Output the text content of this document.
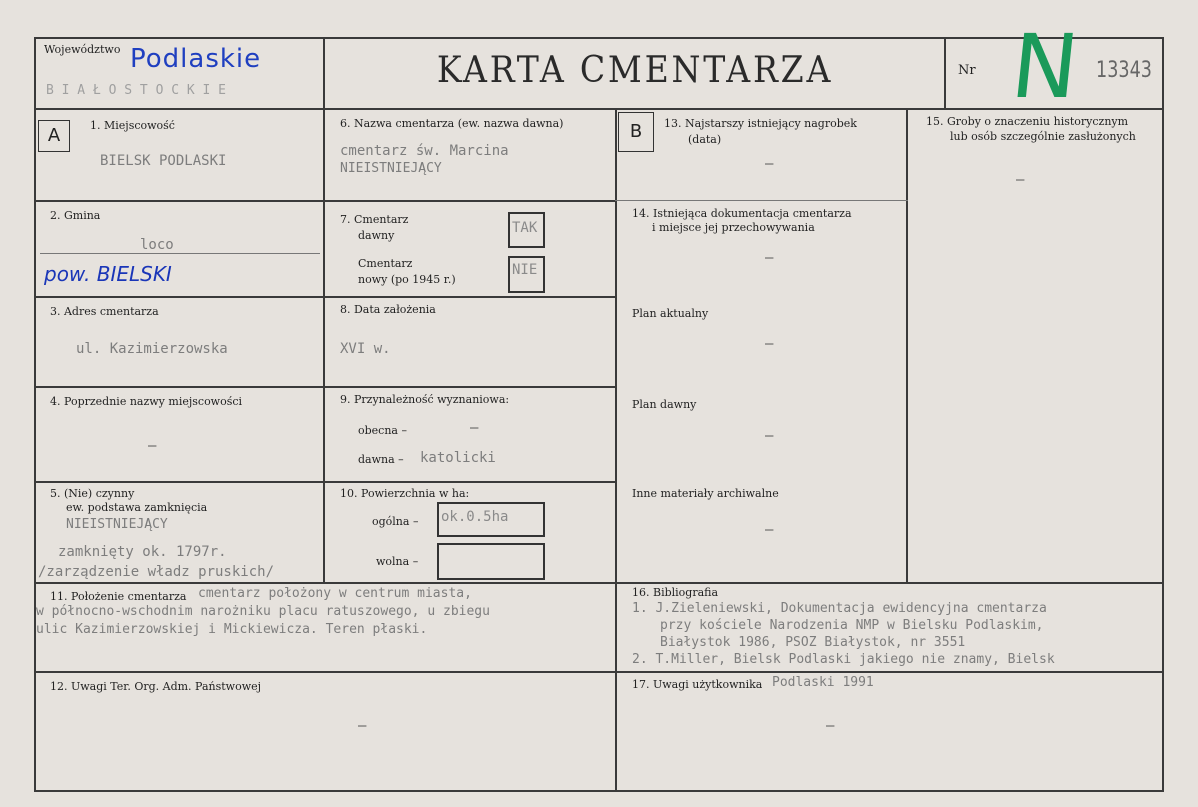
Województwo Podlaskie
B I A Ł O S T O C K I E	KARTA CMENTARZA	Nr N 13343
A	1. Miejscowość
BIELSK PODLASKI
2. Gmina
loco
pow. BIELSKI
3. Adres cmentarza
ul. Kazimierzowska
4. Poprzednie nazwy miejscowości
–
5. (Nie) czynny
ew. podstawa zamknięcia
NIEISTNIEJĄCY
zamknięty ok. 1797r.
/zarządzenie władz pruskich/
6. Nazwa cmentarza (ew. nazwa dawna)
cmentarz św. Marcina
NIEISTNIEJĄCY
7. Cmentarz
dawny	TAK
Cmentarz
nowy (po 1945 r.)
NIE
8. Data założenia
XVI w.
9. Przynależność wyznaniowa:
obecna –	–
dawna – katolicki
10. Powierzchnia w ha:
ogólna – ok.0.5ha
wolna –
B	13. Najstarszy istniejący nagrobek
(data)
–
14. Istniejąca dokumentacja cmentarza
i miejsce jej przechowywania
–
Plan aktualny
–
Plan dawny
–
Inne materiały archiwalne
–
15. Groby o znaczeniu historycznym
lub osób szczególnie zasłużonych
–
11. Położenie cmentarza cmentarz położony w centrum miasta,
w północno-wschodnim narożniku placu ratuszowego, u zbiegu
ulic Kazimierzowskiej i Mickiewicza. Teren płaski.
16. Bibliografia
1. J.Zieleniewski, Dokumentacja ewidencyjna cmentarza
przy kościele Narodzenia NMP w Bielsku Podlaskim,
Białystok 1986, PSOZ Białystok, nr 3551
2. T.Miller, Bielsk Podlaski jakiego nie znamy, Bielsk
12. Uwagi Ter. Org. Adm. Państwowej
–
17. Uwagi użytkownika Podlaski 1991
–
